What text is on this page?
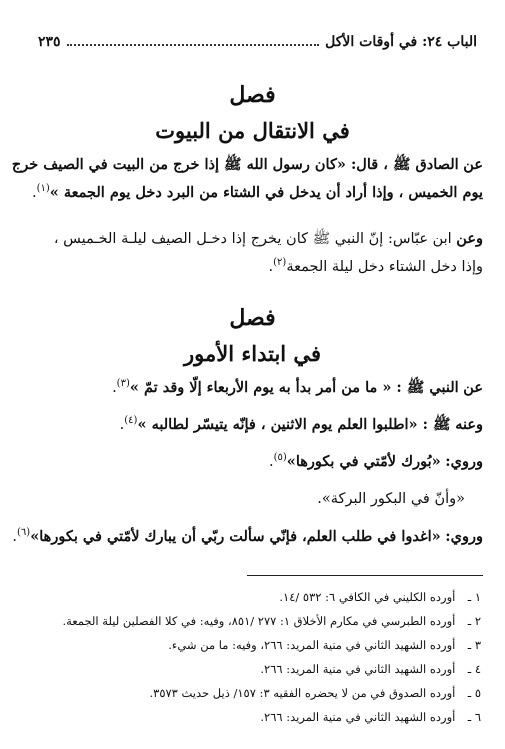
الباب ٢٤: في أوقات الأكل
٢٣٥
فصل
في الانتقال من البيوت
عن الصادق ﷺ ، قال: «كان رسول الله ﷺ إذا خرج من البيت في الصيف خرج
يوم الخميس ، وإذا أراد أن يدخل في الشتاء من البرد دخل يوم الجمعة »$^{(١)}$.
وعن ابن عبّاس: إنّ النبي ﷺ كان يخرج إذا دخـل الصيف ليلـة الخـميس ،
وإذا دخل الشتاء دخل ليلة الجمعة$^{(٢)}$.
فصل
في ابتداء الأمور
عن النبي ﷺ : « ما من أمر بدأ به يوم الأربعاء إلّا وقد تمّ »$^{(٣)}$.
وعنه ﷺ : «اطلبوا العلم يوم الاثنين ، فإنّه يتيسّر لطالبه »$^{(٤)}$.
وروي: «بُورك لأمّتي في بكورها»$^{(٥)}$.
«وأنّ في البكور البركة».
وروي: «اغدوا في طلب العلم، فإنّي سألت ربّي أن يبارك لأمّتي في بكورها»$^{(٦)}$.
١ ـ أورده الكليني في الكافي ٦: ٥٣٢ /١٤.
٢ ـ أورده الطبرسي في مكارم الأخلاق ١: ٢٧٧ /٨٥١، وفيه: في كلا الفصلين ليلة الجمعة.
٣ ـ أورده الشهيد الثاني في منية المريد: ٢٦٦، وفيه: ما من شيء.
٤ ـ أورده الشهيد الثاني في منية المريد: ٢٦٦.
٥ ـ أورده الصدوق في من لا يحضره الفقيه ٣: ١٥٧/ ذيل حديث ٣٥٧٣.
٦ ـ أورده الشهيد الثاني في منية المريد: ٢٦٦.
